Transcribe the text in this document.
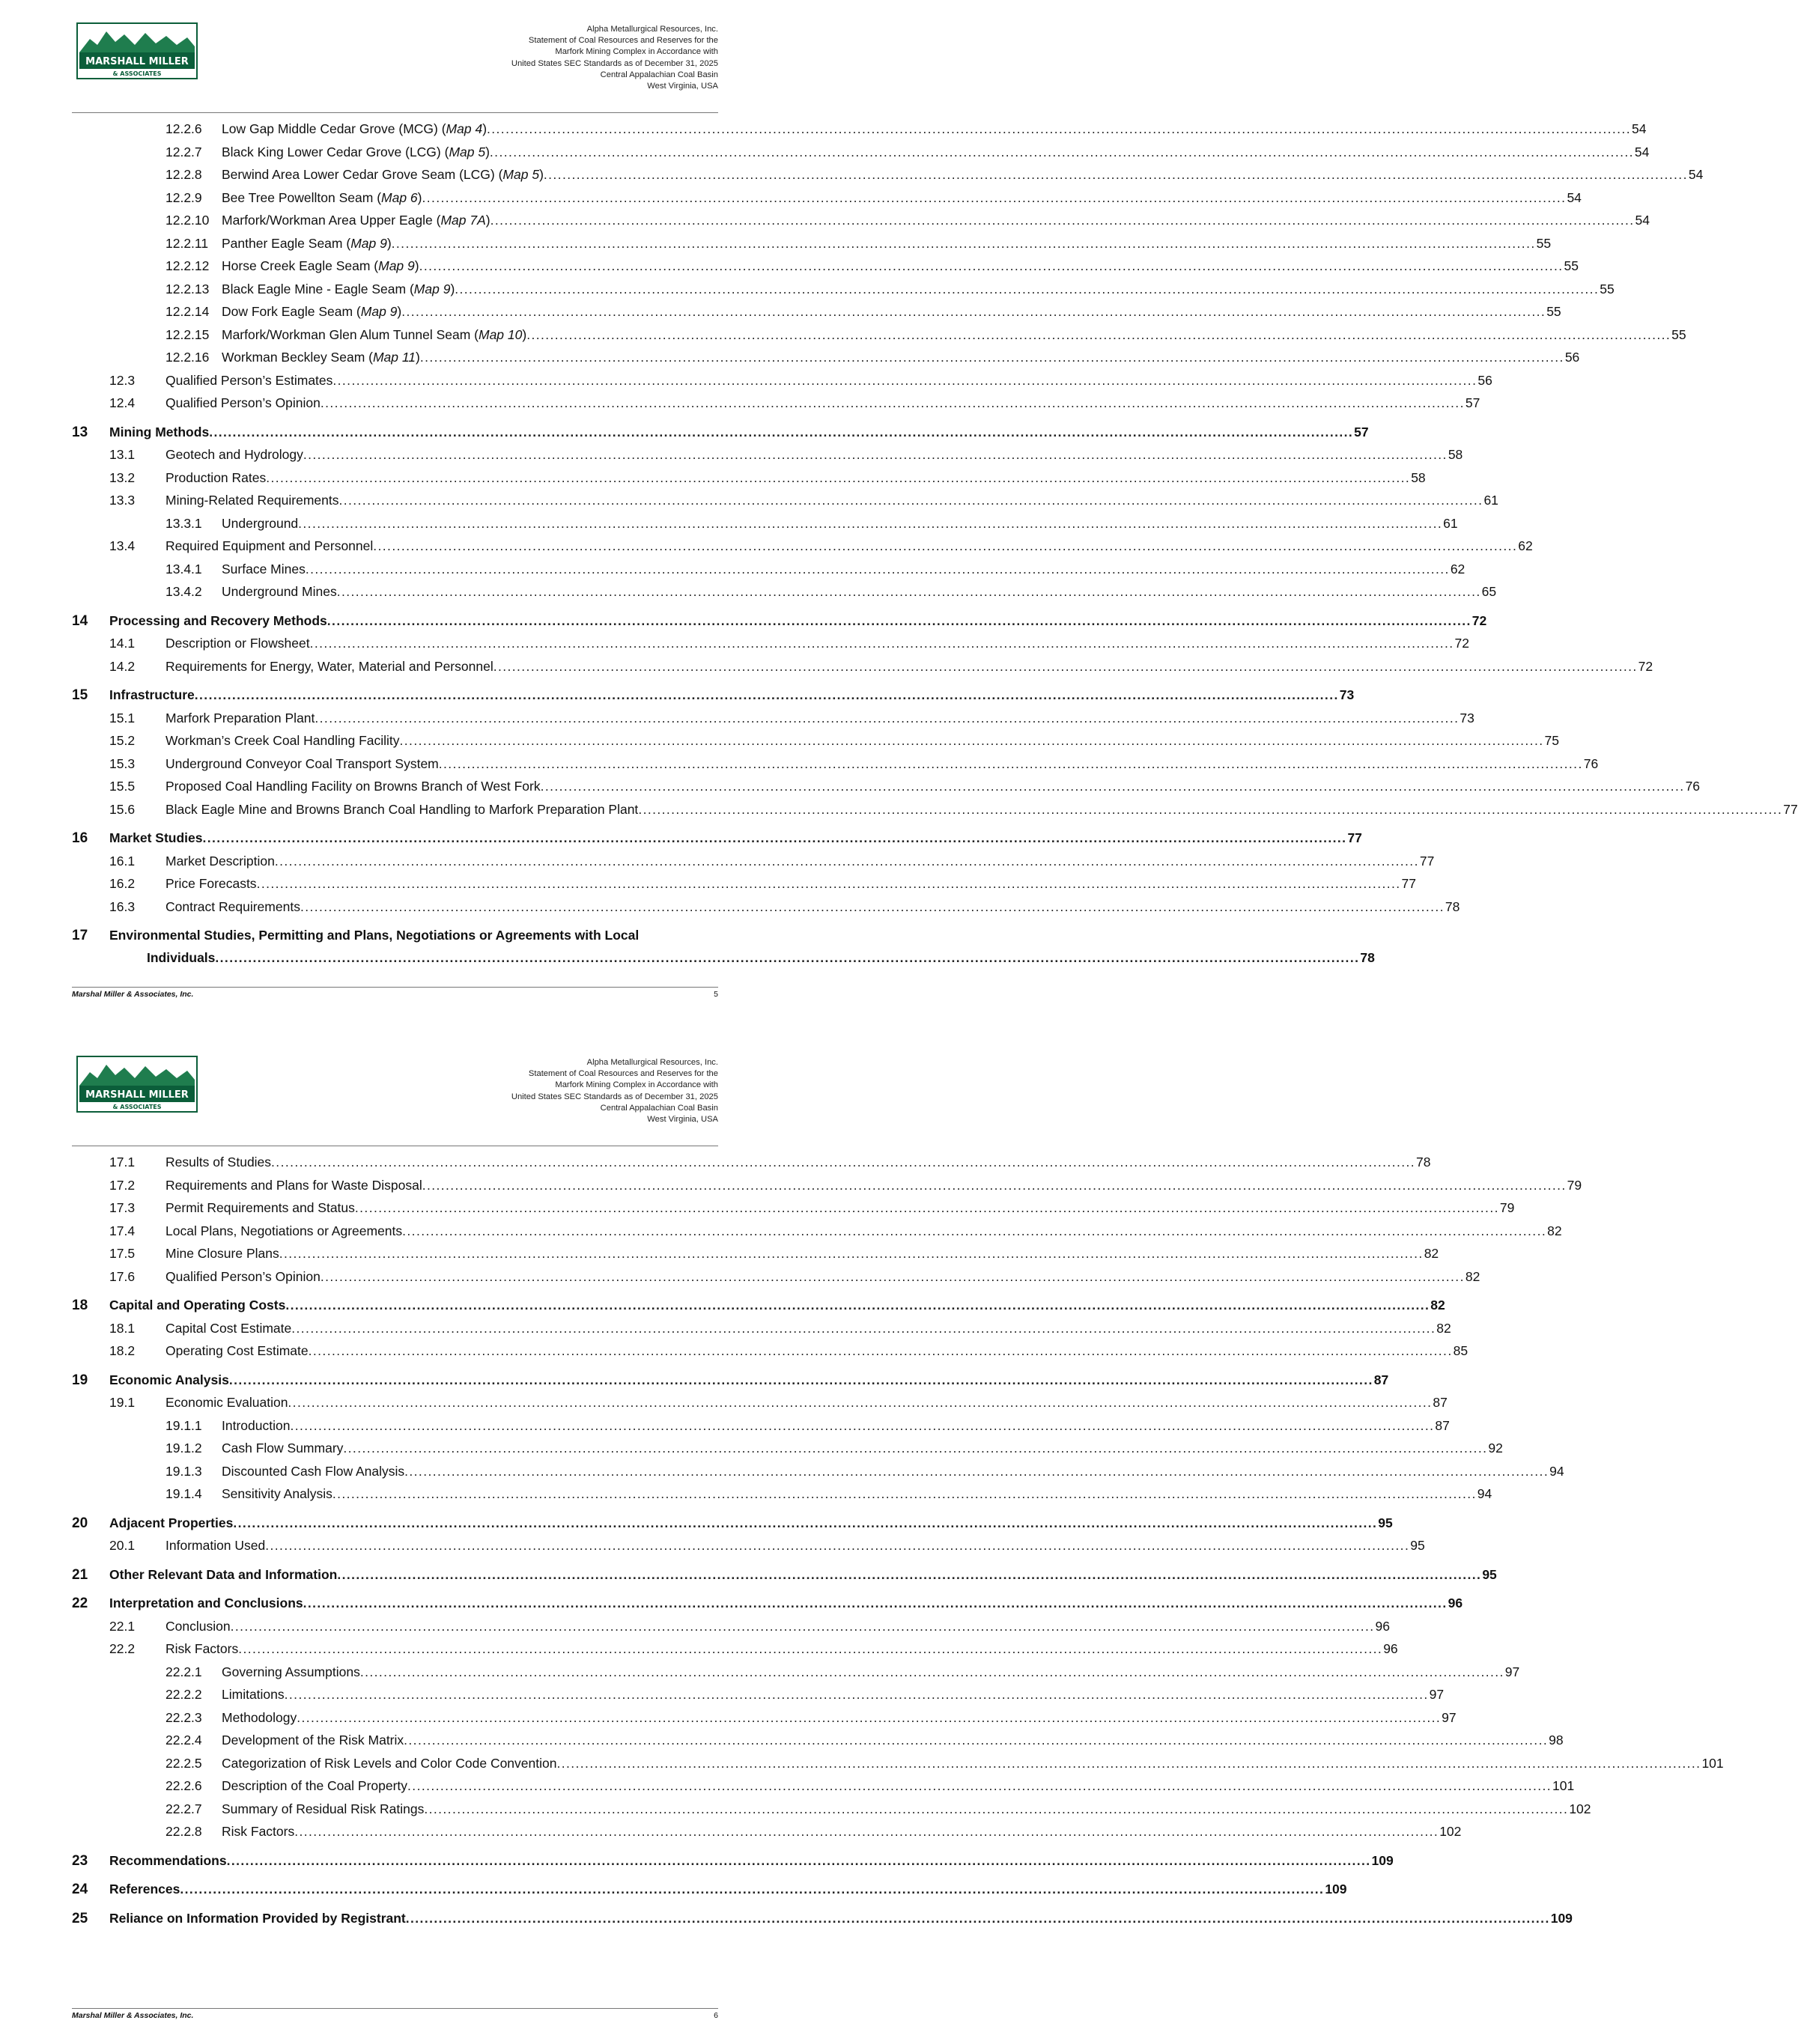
MARSHALL MILLER
& ASSOCIATES
Alpha Metallurgical Resources, Inc.
Statement of Coal Resources and Reserves for the
Marfork Mining Complex in Accordance with
United States SEC Standards as of December 31, 2025
Central Appalachian Coal Basin
West Virginia, USA
12.2.6	Low Gap Middle Cedar Grove (MCG) (Map 4) .....	54
12.2.7	Black King Lower Cedar Grove (LCG) (Map 5) .....	54
12.2.8	Berwind Area Lower Cedar Grove Seam (LCG) (Map 5) .....	54
12.2.9	Bee Tree Powellton Seam (Map 6) .....	54
12.2.10 Marfork/Workman Area Upper Eagle (Map 7A) .....	54
12.2.11	Panther Eagle Seam (Map 9) .....	55
12.2.12 Horse Creek Eagle Seam (Map 9) .....	55
12.2.13 Black Eagle Mine - Eagle Seam (Map 9) .....	55
12.2.14 Dow Fork Eagle Seam (Map 9) .....	55
12.2.15 Marfork/Workman Glen Alum Tunnel Seam (Map 10) .....	55
12.2.16 Workman Beckley Seam (Map 11) .....	56
12.3	Qualified Person’s Estimates .....	56
12.4	Qualified Person’s Opinion .....	57
13	Mining Methods .....	57
13.1	Geotech and Hydrology .....	58
13.2	Production Rates .....	58
13.3	Mining-Related Requirements .....	61
13.3.1	Underground .....	61
13.4	Required Equipment and Personnel .....	62
13.4.1	Surface Mines .....	62
13.4.2	Underground Mines .....	65
14	Processing and Recovery Methods .....	72
14.1	Description or Flowsheet .....	72
14.2	Requirements for Energy, Water, Material and Personnel .....	72
15	Infrastructure .....	73
15.1	Marfork Preparation Plant .....	73
15.2	Workman’s Creek Coal Handling Facility .....	75
15.3	Underground Conveyor Coal Transport System .....	76
15.5	Proposed Coal Handling Facility on Browns Branch of West Fork .....	76
15.6	Black Eagle Mine and Browns Branch Coal Handling to Marfork Preparation Plant .....	77
16	Market Studies .....	77
16.1	Market Description .....	77
16.2	Price Forecasts .....	77
16.3	Contract Requirements .....	78
17	Environmental Studies, Permitting and Plans, Negotiations or Agreements with Local
Individuals .....	78
Marshal Miller & Associates, Inc.	5
MARSHALL MILLER
& ASSOCIATES
Alpha Metallurgical Resources, Inc.
Statement of Coal Resources and Reserves for the
Marfork Mining Complex in Accordance with
United States SEC Standards as of December 31, 2025
Central Appalachian Coal Basin
West Virginia, USA
17.1	Results of Studies .....	78
17.2	Requirements and Plans for Waste Disposal .....	79
17.3	Permit Requirements and Status .....	79
17.4	Local Plans, Negotiations or Agreements .....	82
17.5	Mine Closure Plans .....	82
17.6	Qualified Person’s Opinion .....	82
18	Capital and Operating Costs .....	82
18.1	Capital Cost Estimate .....	82
18.2	Operating Cost Estimate .....	85
19	Economic Analysis .....	87
19.1	Economic Evaluation .....	87
19.1.1	Introduction .....	87
19.1.2	Cash Flow Summary .....	92
19.1.3	Discounted Cash Flow Analysis .....	94
19.1.4	Sensitivity Analysis .....	94
20	Adjacent Properties .....	95
20.1	Information Used .....	95
21	Other Relevant Data and Information .....	95
22	Interpretation and Conclusions .....	96
22.1	Conclusion .....	96
22.2	Risk Factors .....	96
22.2.1	Governing Assumptions .....	97
22.2.2	Limitations .....	97
22.2.3	Methodology .....	97
22.2.4	Development of the Risk Matrix .....	98
22.2.5	Categorization of Risk Levels and Color Code Convention .....	101
22.2.6	Description of the Coal Property .....	101
22.2.7	Summary of Residual Risk Ratings .....	102
22.2.8	Risk Factors .....	102
23	Recommendations .....	109
24	References .....	109
25	Reliance on Information Provided by Registrant .....	109
Marshal Miller & Associates, Inc.	6
